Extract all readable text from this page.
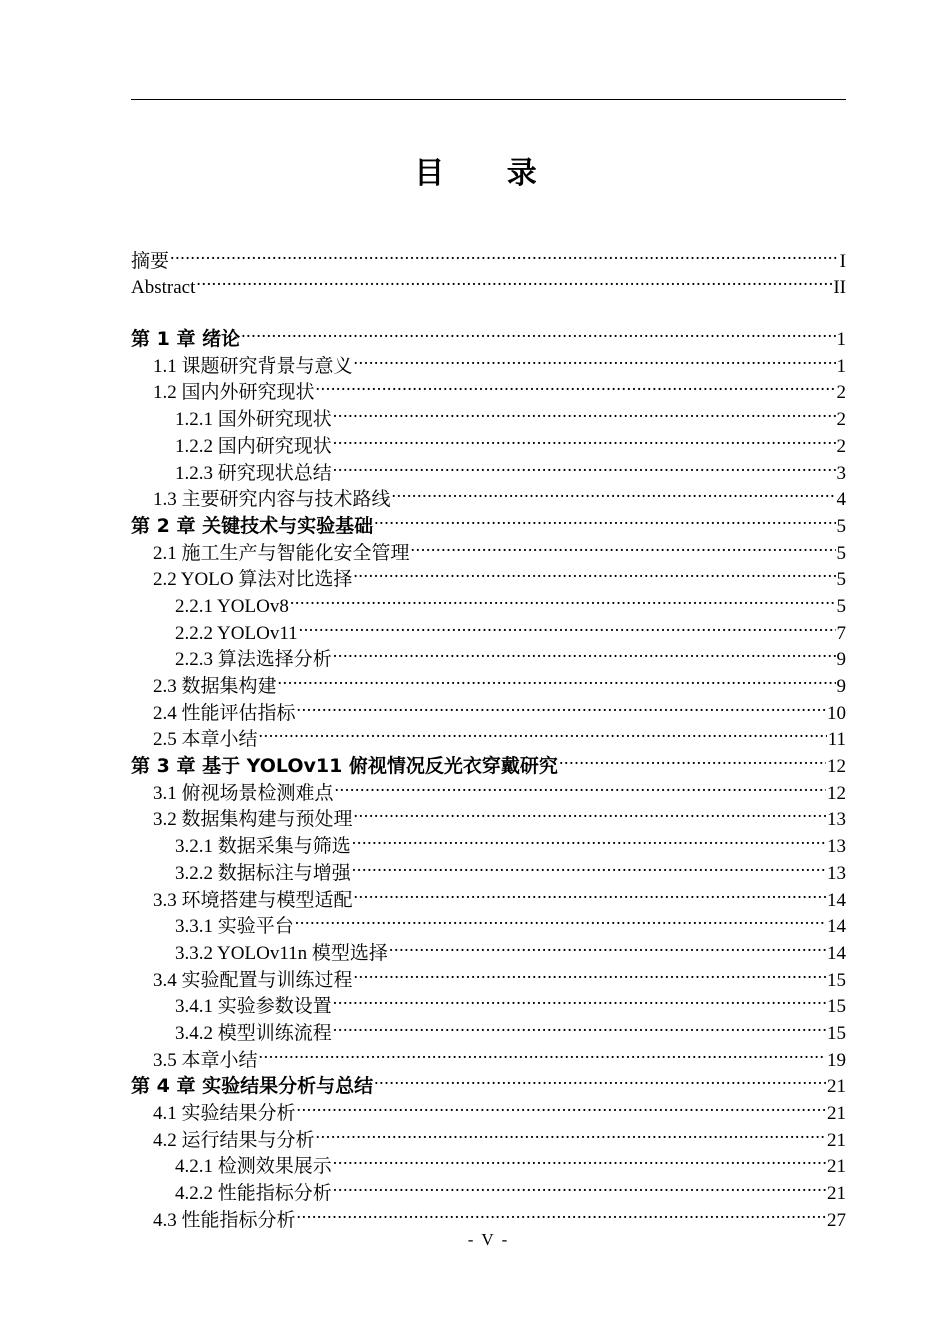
目 录
摘要 .....	I
Abstract .....	II
第 1 章 绪论 .....	1
1.1 课题研究背景与意义 .....	1
1.2 国内外研究现状 .....	2
1.2.1 国外研究现状 .....	2
1.2.2 国内研究现状 .....	2
1.2.3 研究现状总结 .....	3
1.3 主要研究内容与技术路线 .....	4
第 2 章 关键技术与实验基础 .....	5
2.1 施工生产与智能化安全管理 .....	5
2.2 YOLO 算法对比选择 .....	5
2.2.1 YOLOv8 .....	5
2.2.2 YOLOv11 .....	7
2.2.3 算法选择分析 .....	9
2.3 数据集构建 .....	9
2.4 性能评估指标 .....	10
2.5 本章小结 .....	11
第 3 章 基于 YOLOv11 俯视情况反光衣穿戴研究 .....	12
3.1 俯视场景检测难点 .....	12
3.2 数据集构建与预处理 .....	13
3.2.1 数据采集与筛选 .....	13
3.2.2 数据标注与增强 .....	13
3.3 环境搭建与模型适配 .....	14
3.3.1 实验平台 .....	14
3.3.2 YOLOv11n 模型选择 .....	14
3.4 实验配置与训练过程 .....	15
3.4.1 实验参数设置 .....	15
3.4.2 模型训练流程 .....	15
3.5 本章小结 .....	19
第 4 章 实验结果分析与总结 .....	21
4.1 实验结果分析 .....	21
4.2 运行结果与分析 .....	21
4.2.1 检测效果展示 .....	21
4.2.2 性能指标分析 .....	21
4.3 性能指标分析 .....	27
- V -
